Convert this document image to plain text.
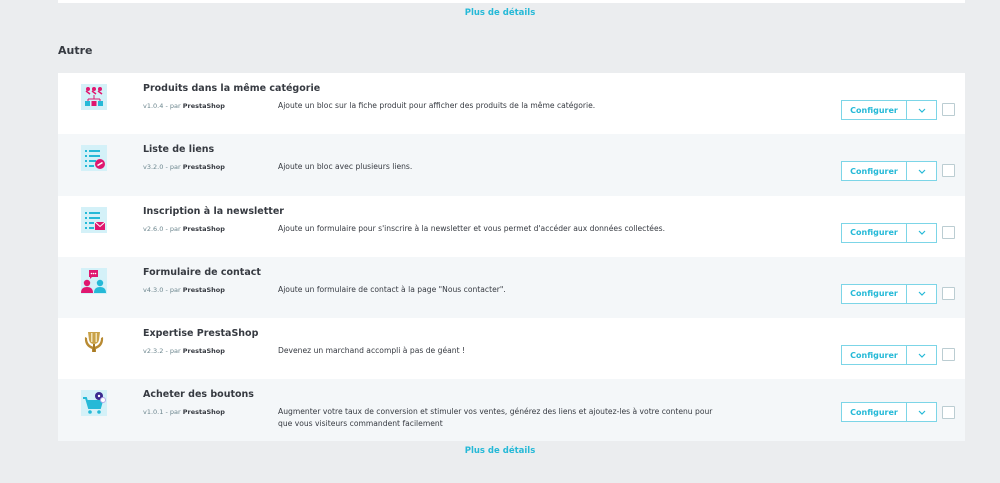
Plus de détails
Autre
Produits dans la même catégorie
v1.0.4 - par PrestaShop	Ajoute un bloc sur la fiche produit pour afficher des produits de la même catégorie.	Configurer
Liste de liens
v3.2.0 - par PrestaShop	Ajoute un bloc avec plusieurs liens.	Configurer
Inscription à la newsletter
v2.6.0 - par PrestaShop	Ajoute un formulaire pour s'inscrire à la newsletter et vous permet d'accéder aux données collectées.	Configurer
Formulaire de contact
v4.3.0 - par PrestaShop	Ajoute un formulaire de contact à la page "Nous contacter".	Configurer
Expertise PrestaShop
v2.3.2 - par PrestaShop	Devenez un marchand accompli à pas de géant !	Configurer
Acheter des boutons
v1.0.1 - par PrestaShop	Augmenter votre taux de conversion et stimuler vos ventes, générez des liens et ajoutez-les à votre contenu pour que vous visiteurs commandent facilement
Configurer
Plus de détails
